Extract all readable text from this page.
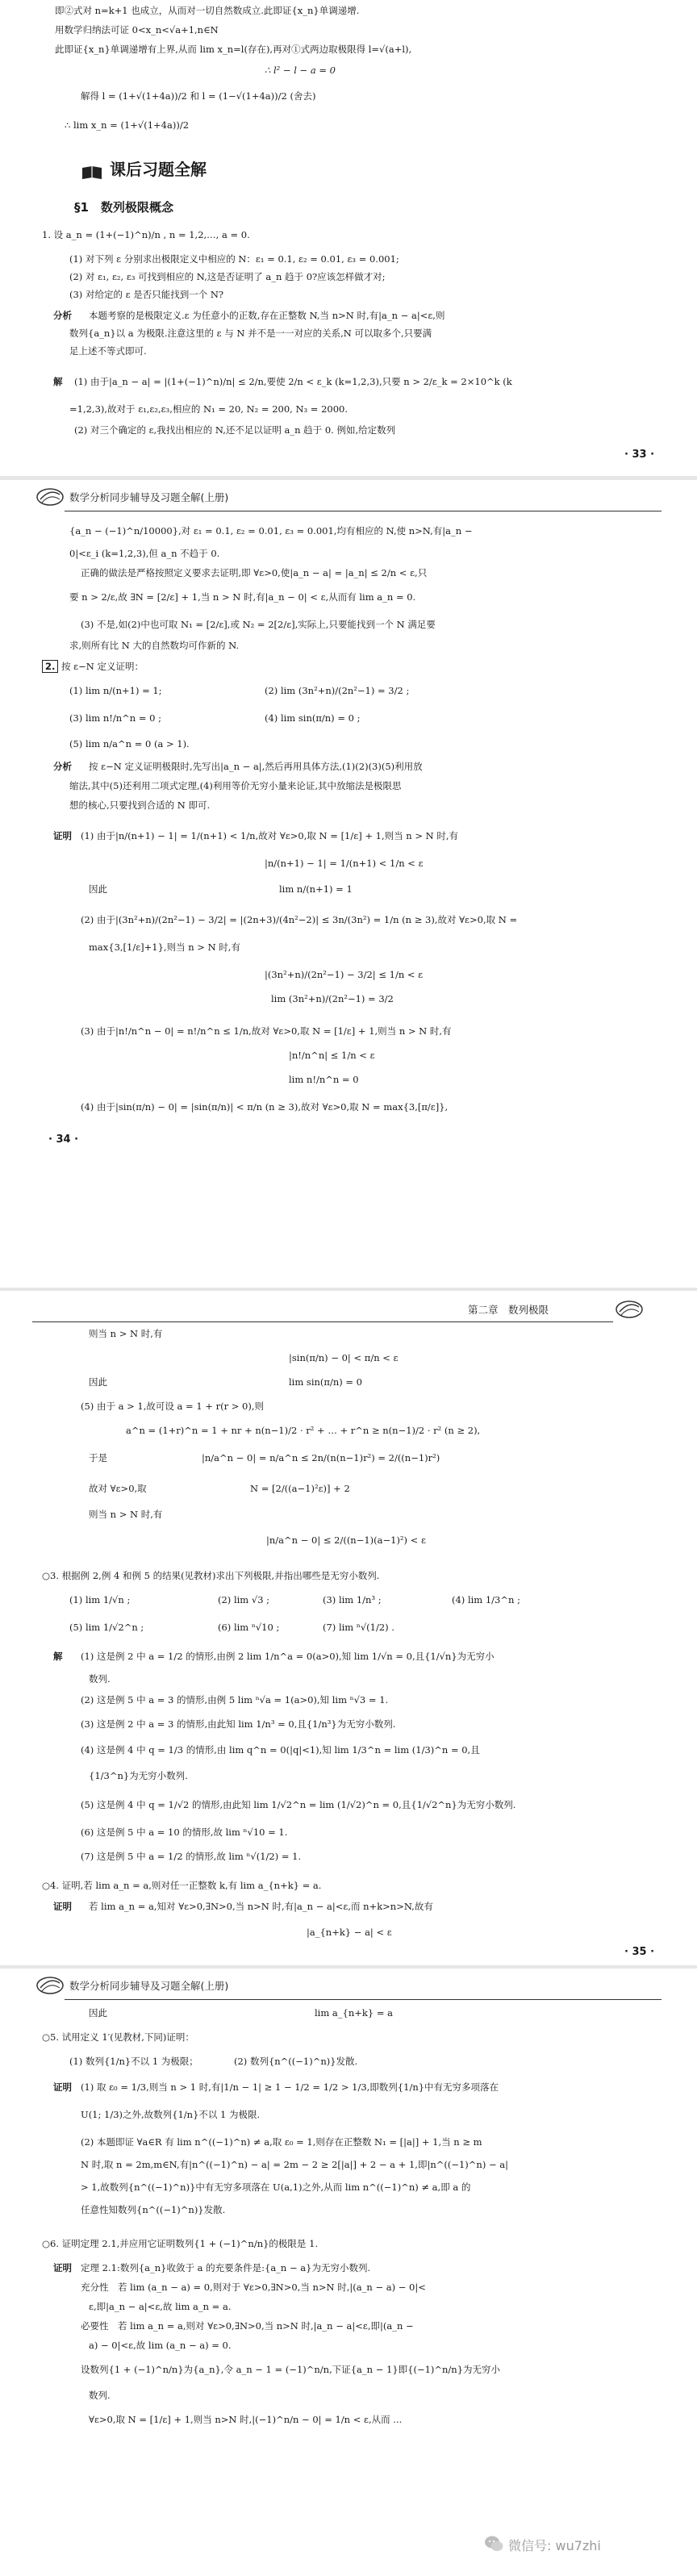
即②式对 n=k+1 也成立，从而对一切自然数成立.此即证{x_n}单调递增.
用数学归纳法可证 0<x_n<√a+1,n∈N
此即证{x_n}单调递增有上界,从而 lim x_n=l(存在),再对①式两边取极限得 l=√(a+l),
∴ l² − l − a = 0
解得 l = (1+√(1+4a))/2 和 l = (1−√(1+4a))/2 (舍去)
∴ lim x_n = (1+√(1+4a))/2
课后习题全解
§1　数列极限概念
1. 设 a_n = (1+(−1)^n)/n , n = 1,2,…, a = 0.
(1) 对下列 ε 分别求出极限定义中相应的 N：ε₁ = 0.1, ε₂ = 0.01, ε₃ = 0.001;
(2) 对 ε₁, ε₂, ε₃ 可找到相应的 N,这是否证明了 a_n 趋于 0?应该怎样做才对;
(3) 对给定的 ε 是否只能找到一个 N?
分析 本题考察的是极限定义.ε 为任意小的正数,存在正整数 N,当 n>N 时,有|a_n − a|<ε,则
数列{a_n}以 a 为极限.注意这里的 ε 与 N 并不是一一对应的关系,N 可以取多个,只要满
足上述不等式即可.
解 (1) 由于|a_n − a| = |(1+(−1)^n)/n| ≤ 2/n,要使 2/n < ε_k (k=1,2,3),只要 n > 2/ε_k = 2×10^k (k
=1,2,3),故对于 ε₁,ε₂,ε₃,相应的 N₁ = 20, N₂ = 200, N₃ = 2000.
(2) 对三个确定的 ε,我找出相应的 N,还不足以证明 a_n 趋于 0. 例如,给定数列
· 33 ·
数学分析同步辅导及习题全解(上册)
{a_n − (−1)^n/10000},对 ε₁ = 0.1, ε₂ = 0.01, ε₃ = 0.001,均有相应的 N,使 n>N,有|a_n −
0|<ε_i (k=1,2,3),但 a_n 不趋于 0.
正确的做法是严格按照定义要求去证明,即 ∀ε>0,使|a_n − a| = |a_n| ≤ 2/n < ε,只
要 n > 2/ε,故 ∃N = [2/ε] + 1,当 n > N 时,有|a_n − 0| < ε,从而有 lim a_n = 0.
(3) 不是,如(2)中也可取 N₁ = [2/ε],或 N₂ = 2[2/ε],实际上,只要能找到一个 N 满足要
求,则所有比 N 大的自然数均可作新的 N.
2. 按 ε−N 定义证明：
(1) lim n/(n+1) = 1;	(2) lim (3n²+n)/(2n²−1) = 3/2 ;
(3) lim n!/n^n = 0 ;	(4) lim sin(π/n) = 0 ;
(5) lim n/a^n = 0 (a > 1).
分析 按 ε−N 定义证明极限时,先写出|a_n − a|,然后再用具体方法,(1)(2)(3)(5)利用放
缩法,其中(5)还利用二项式定理,(4)利用等价无穷小量来论证,其中放缩法是极限思
想的核心,只要找到合适的 N 即可.
证明 (1) 由于|n/(n+1) − 1| = 1/(n+1) < 1/n,故对 ∀ε>0,取 N = [1/ε] + 1,则当 n > N 时,有
|n/(n+1) − 1| = 1/(n+1) < 1/n < ε
因此	lim n/(n+1) = 1
(2) 由于|(3n²+n)/(2n²−1) − 3/2| = |(2n+3)/(4n²−2)| ≤ 3n/(3n²) = 1/n (n ≥ 3),故对 ∀ε>0,取 N =
max{3,[1/ε]+1},则当 n > N 时,有
|(3n²+n)/(2n²−1) − 3/2| ≤ 1/n < ε
lim (3n²+n)/(2n²−1) = 3/2
(3) 由于|n!/n^n − 0| = n!/n^n ≤ 1/n,故对 ∀ε>0,取 N = [1/ε] + 1,则当 n > N 时,有
|n!/n^n| ≤ 1/n < ε
lim n!/n^n = 0
(4) 由于|sin(π/n) − 0| = |sin(π/n)| < π/n (n ≥ 3),故对 ∀ε>0,取 N = max{3,[π/ε]},
· 34 ·
第二章　数列极限
则当 n > N 时,有
|sin(π/n) − 0| < π/n < ε
因此	lim sin(π/n) = 0
(5) 由于 a > 1,故可设 a = 1 + r(r > 0),则
a^n = (1+r)^n = 1 + nr + n(n−1)/2 · r² + … + r^n ≥ n(n−1)/2 · r² (n ≥ 2),
于是	|n/a^n − 0| = n/a^n ≤ 2n/(n(n−1)r²) = 2/((n−1)r²)
故对 ∀ε>0,取	N = [2/((a−1)²ε)] + 2
则当 n > N 时,有
|n/a^n − 0| ≤ 2/((n−1)(a−1)²) < ε
○3. 根据例 2,例 4 和例 5 的结果(见教材)求出下列极限,并指出哪些是无穷小数列.
(1) lim 1/√n ;	(2) lim √3 ;	(3) lim 1/n³ ;	(4) lim 1/3^n ;
(5) lim 1/√2^n ;	(6) lim ⁿ√10 ;	(7) lim ⁿ√(1/2) .
解 (1) 这是例 2 中 a = 1/2 的情形,由例 2 lim 1/n^a = 0(a>0),知 lim 1/√n = 0,且{1/√n}为无穷小
数列.
(2) 这是例 5 中 a = 3 的情形,由例 5 lim ⁿ√a = 1(a>0),知 lim ⁿ√3 = 1.
(3) 这是例 2 中 a = 3 的情形,由此知 lim 1/n³ = 0,且{1/n³}为无穷小数列.
(4) 这是例 4 中 q = 1/3 的情形,由 lim q^n = 0(|q|<1),知 lim 1/3^n = lim (1/3)^n = 0,且
{1/3^n}为无穷小数列.
(5) 这是例 4 中 q = 1/√2 的情形,由此知 lim 1/√2^n = lim (1/√2)^n = 0,且{1/√2^n}为无穷小数列.
(6) 这是例 5 中 a = 10 的情形,故 lim ⁿ√10 = 1.
(7) 这是例 5 中 a = 1/2 的情形,故 lim ⁿ√(1/2) = 1.
○4. 证明,若 lim a_n = a,则对任一正整数 k,有 lim a_{n+k} = a.
证明 若 lim a_n = a,知对 ∀ε>0,∃N>0,当 n>N 时,有|a_n − a|<ε,而 n+k>n>N,故有
|a_{n+k} − a| < ε
· 35 ·
数学分析同步辅导及习题全解(上册)
因此	lim a_{n+k} = a
○5. 试用定义 1′(见教材,下同)证明：
(1) 数列{1/n}不以 1 为极限；	(2) 数列{n^((−1)^n)}发散.
证明 (1) 取 ε₀ = 1/3,则当 n > 1 时,有|1/n − 1| ≥ 1 − 1/2 = 1/2 > 1/3,即数列{1/n}中有无穷多项落在
U(1; 1/3)之外,故数列{1/n}不以 1 为极限.
(2) 本题即证 ∀a∈R 有 lim n^((−1)^n) ≠ a,取 ε₀ = 1,则存在正整数 N₁ = [|a|] + 1,当 n ≥ m
N 时,取 n = 2m,m∈N,有|n^((−1)^n) − a| = 2m − 2 ≥ 2[|a|] + 2 − a + 1,即|n^((−1)^n) − a|
> 1,故数列{n^((−1)^n)}中有无穷多项落在 U(a,1)之外,从而 lim n^((−1)^n) ≠ a,即 a 的
任意性知数列{n^((−1)^n)}发散.
○6. 证明定理 2.1,并应用它证明数列{1 + (−1)^n/n}的极限是 1.
证明 定理 2.1:数列{a_n}收敛于 a 的充要条件是:{a_n − a}为无穷小数列.
充分性　若 lim (a_n − a) = 0,则对于 ∀ε>0,∃N>0,当 n>N 时,|(a_n − a) − 0|<
ε,即|a_n − a|<ε,故 lim a_n = a.
必要性　若 lim a_n = a,则对 ∀ε>0,∃N>0,当 n>N 时,|a_n − a|<ε,即|(a_n −
a) − 0|<ε,故 lim (a_n − a) = 0.
设数列{1 + (−1)^n/n}为{a_n},令 a_n − 1 = (−1)^n/n,下证{a_n − 1}即{(−1)^n/n}为无穷小
数列.
∀ε>0,取 N = [1/ε] + 1,则当 n>N 时,|(−1)^n/n − 0| = 1/n < ε,从而 ...
微信号: wu7zhi
